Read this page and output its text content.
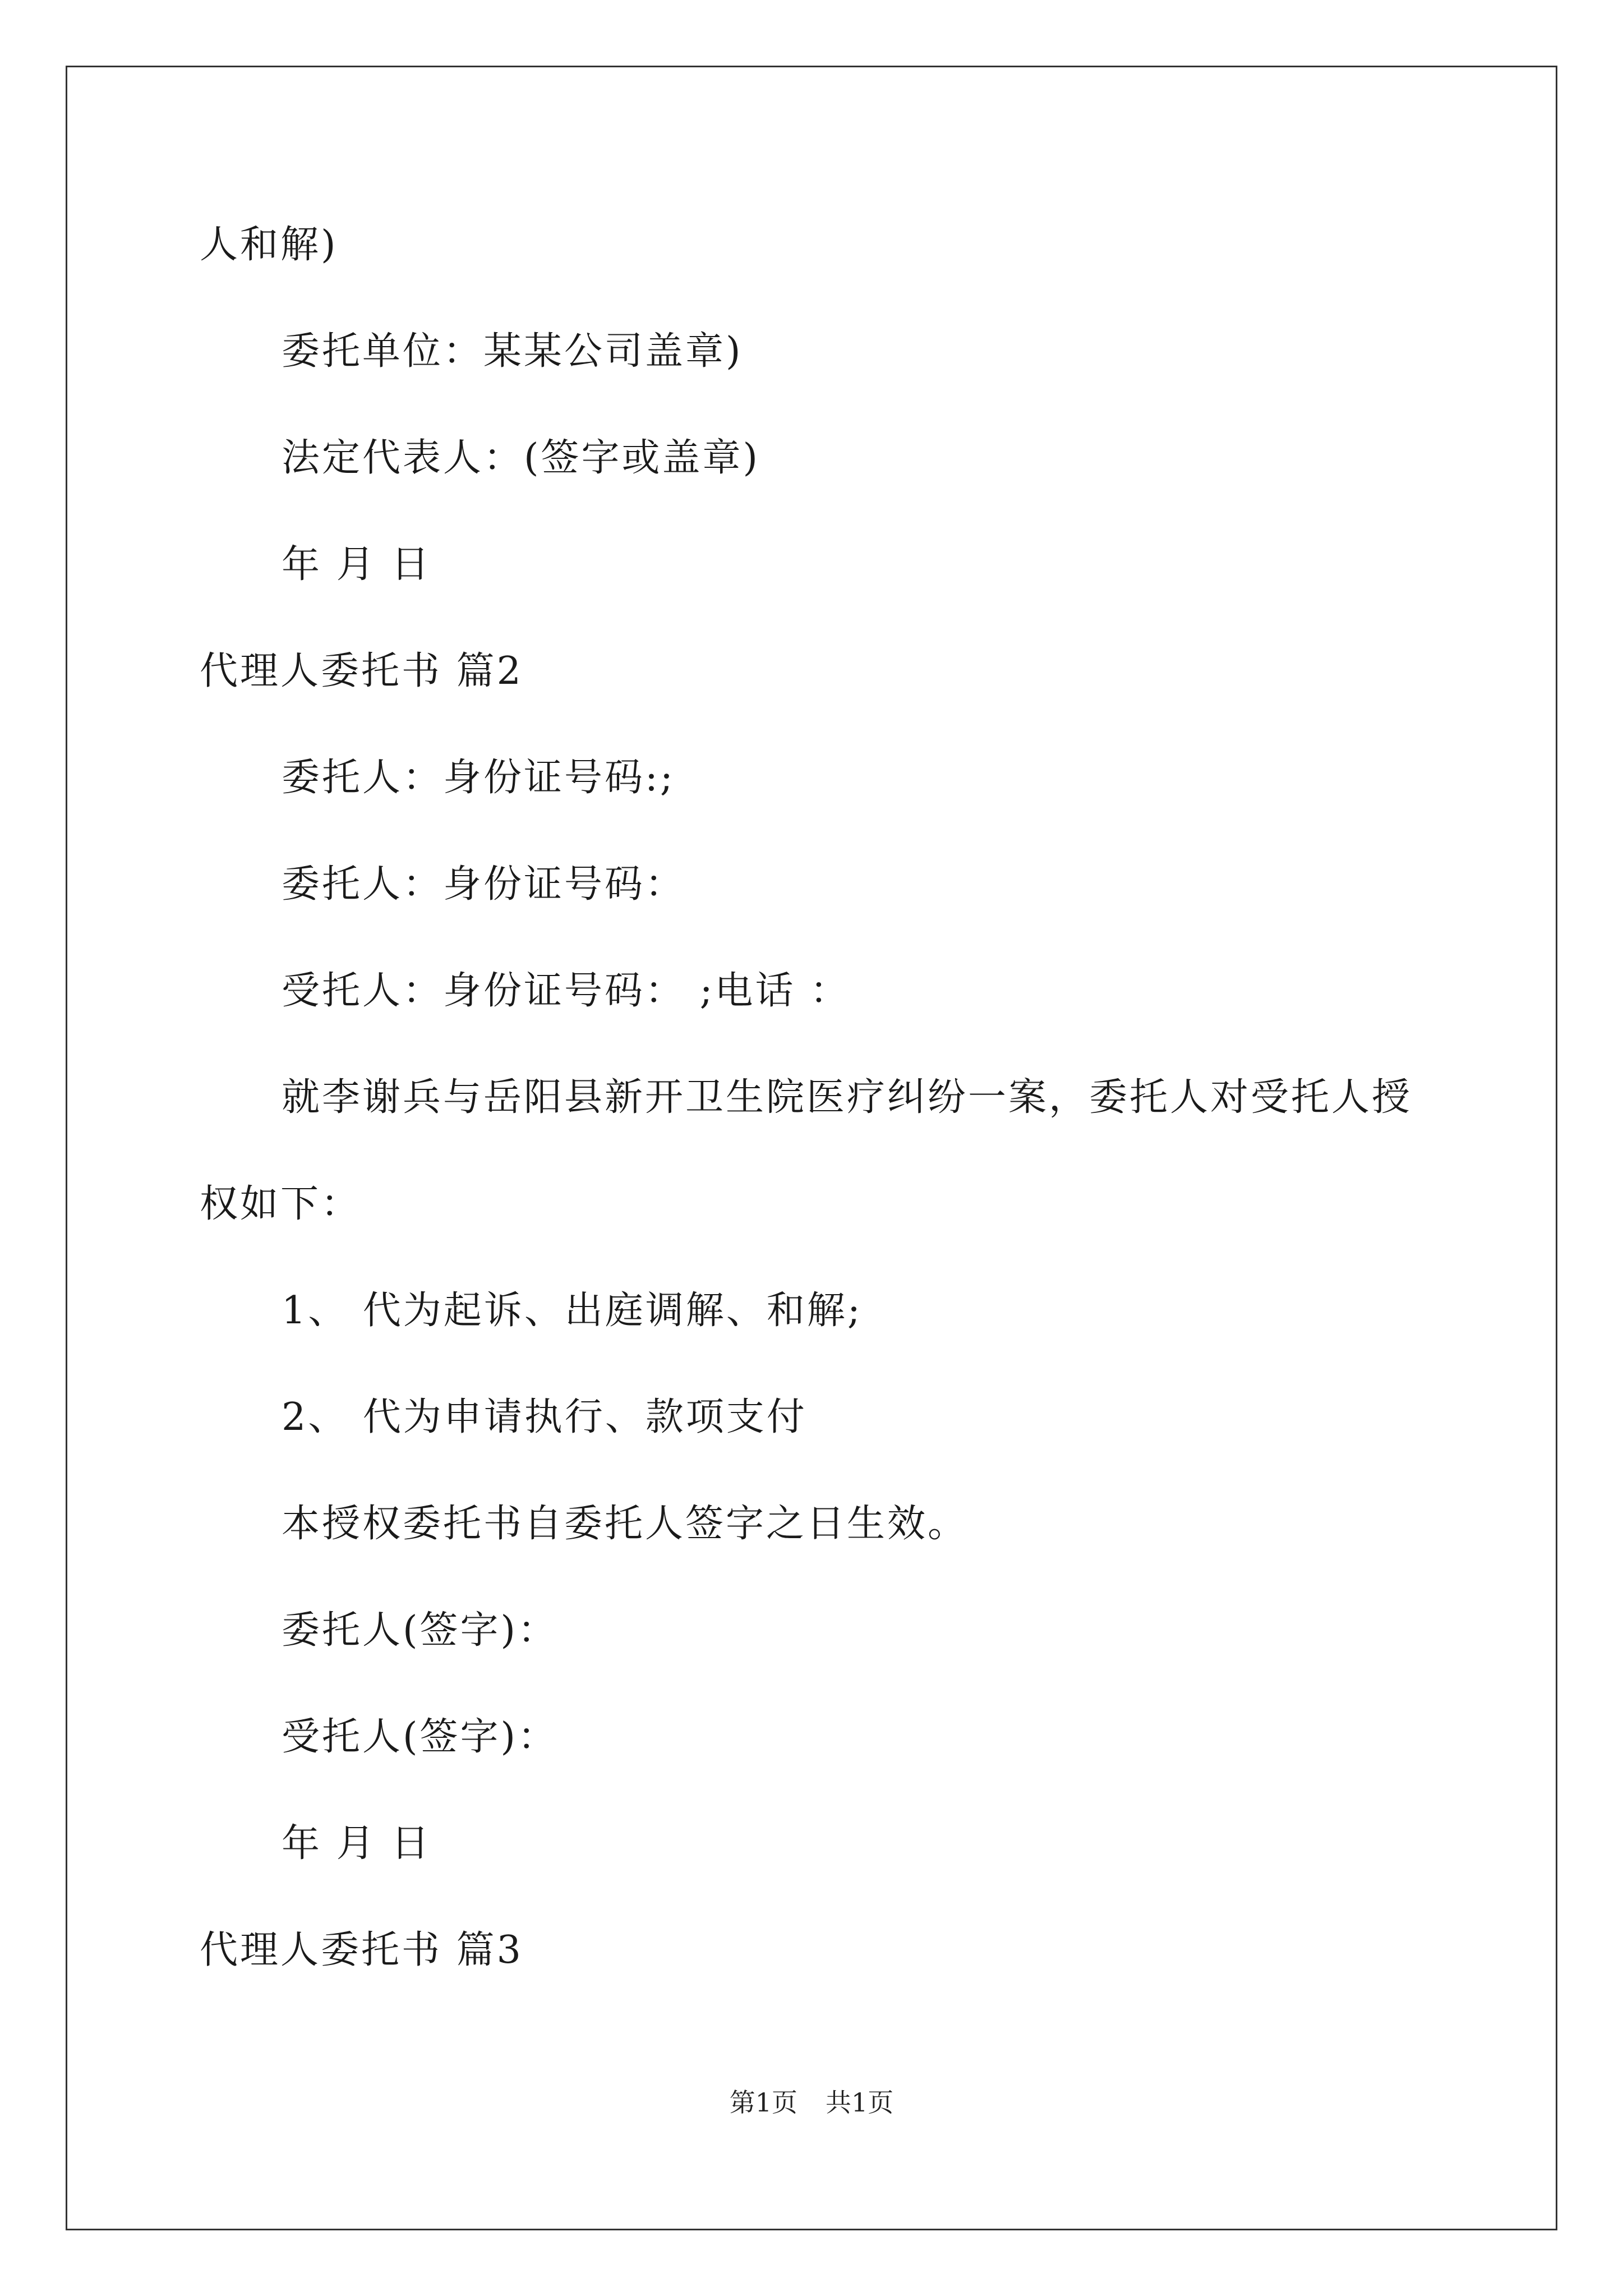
人和解)
委托单位：某某公司盖章)
法定代表人：(签字或盖章)
年 月 日
代理人委托书 篇2
委托人：身份证号码:;
委托人：身份证号码：
受托人：身份证号码： ;电话 ：
就李谢兵与岳阳县新开卫生院医疗纠纷一案，委托人对受托人授
权如下：
1、 代为起诉、出庭调解、和解;
2、 代为申请执行、款项支付
本授权委托书自委托人签字之日生效。
委托人(签字)：
受托人(签字)：
年 月 日
代理人委托书 篇3
第1页 共1页
